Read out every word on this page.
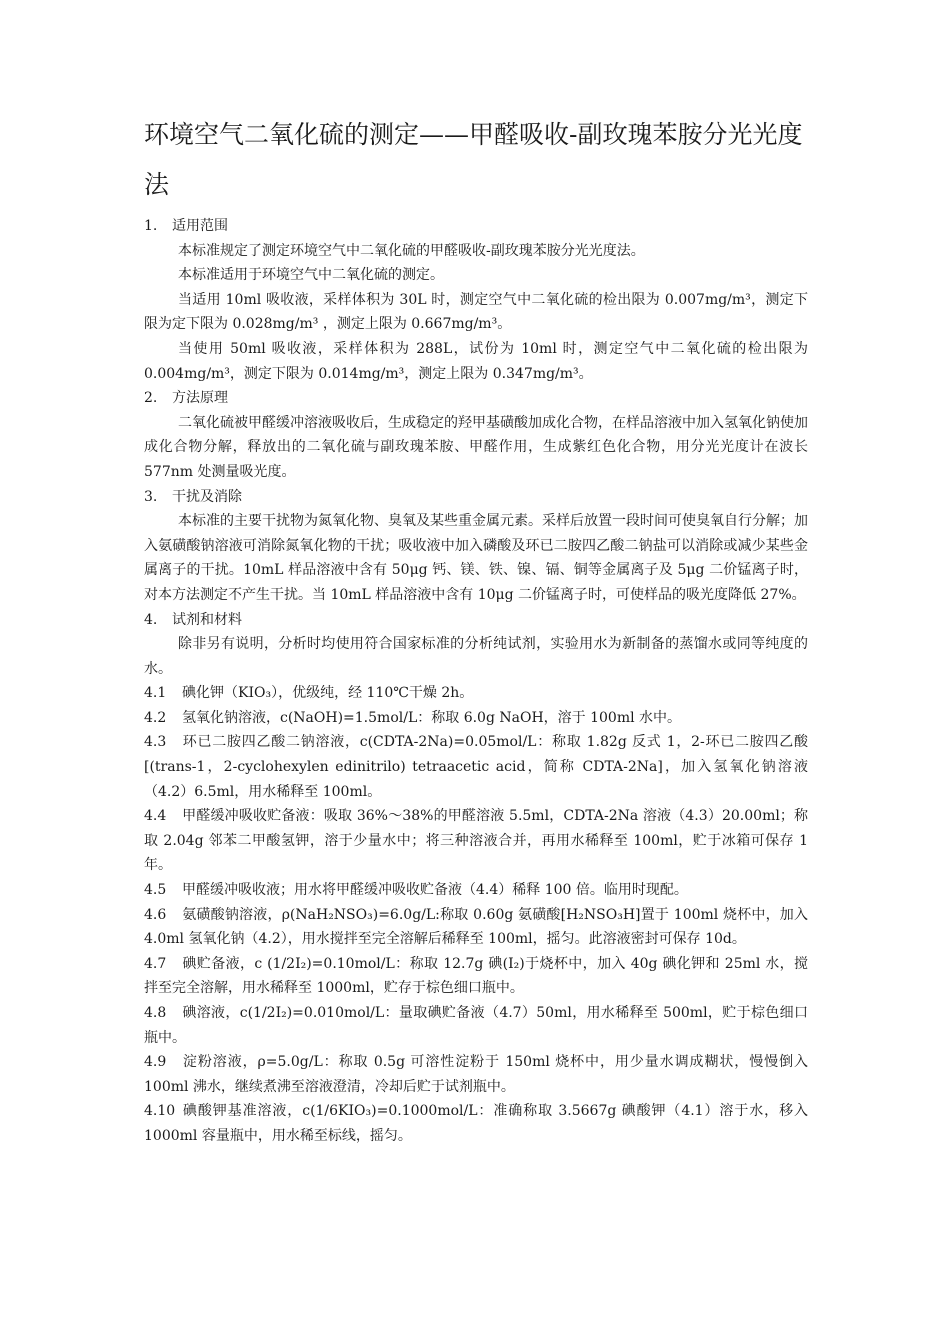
环境空气二氧化硫的测定——甲醛吸收-副玫瑰苯胺分光光度法

1. 适用范围

本标准规定了测定环境空气中二氧化硫的甲醛吸收-副玫瑰苯胺分光光度法。

本标准适用于环境空气中二氧化硫的测定。

当适用 10ml 吸收液，采样体积为 30L 时，测定空气中二氧化硫的检出限为 0.007mg/m³，测定下限为定下限为 0.028mg/m³ ，测定上限为 0.667mg/m³。

当使用 50ml 吸收液，采样体积为 288L，试份为 10ml 时，测定空气中二氧化硫的检出限为 0.004mg/m³，测定下限为 0.014mg/m³，测定上限为 0.347mg/m³。

2. 方法原理

二氧化硫被甲醛缓冲溶液吸收后，生成稳定的羟甲基磺酸加成化合物，在样品溶液中加入氢氧化钠使加成化合物分解，释放出的二氧化硫与副玫瑰苯胺、甲醛作用，生成紫红色化合物，用分光光度计在波长 577nm 处测量吸光度。

3. 干扰及消除

本标准的主要干扰物为氮氧化物、臭氧及某些重金属元素。采样后放置一段时间可使臭氧自行分解；加入氨磺酸钠溶液可消除氮氧化物的干扰；吸收液中加入磷酸及环已二胺四乙酸二钠盐可以消除或减少某些金属离子的干扰。10mL 样品溶液中含有 50μg 钙、镁、铁、镍、镉、铜等金属离子及 5μg 二价锰离子时，对本方法测定不产生干扰。当 10mL 样品溶液中含有 10μg 二价锰离子时，可使样品的吸光度降低 27%。

4. 试剂和材料

除非另有说明，分析时均使用符合国家标准的分析纯试剂，实验用水为新制备的蒸馏水或同等纯度的水。

4.1 碘化钾（KIO₃），优级纯，经 110℃干燥 2h。

4.2 氢氧化钠溶液，c(NaOH)=1.5mol/L：称取 6.0g NaOH，溶于 100ml 水中。

4.3 环已二胺四乙酸二钠溶液，c(CDTA-2Na)=0.05mol/L：称取 1.82g 反式 1，2-环已二胺四乙酸[(trans-1，2-cyclohexylen edinitrilo) tetraacetic acid，简称 CDTA-2Na]，加入氢氧化钠溶液（4.2）6.5ml，用水稀释至 100ml。

4.4 甲醛缓冲吸收贮备液：吸取 36%～38%的甲醛溶液 5.5ml，CDTA-2Na 溶液（4.3）20.00ml；称取 2.04g 邻苯二甲酸氢钾，溶于少量水中；将三种溶液合并，再用水稀释至 100ml，贮于冰箱可保存 1 年。

4.5 甲醛缓冲吸收液；用水将甲醛缓冲吸收贮备液（4.4）稀释 100 倍。临用时现配。

4.6 氨磺酸钠溶液，ρ(NaH₂NSO₃)=6.0g/L:称取 0.60g 氨磺酸[H₂NSO₃H]置于 100ml 烧杯中，加入 4.0ml 氢氧化钠（4.2），用水搅拌至完全溶解后稀释至 100ml，摇匀。此溶液密封可保存 10d。

4.7 碘贮备液，c (1/2I₂)=0.10mol/L：称取 12.7g 碘(I₂)于烧杯中，加入 40g 碘化钾和 25ml 水，搅拌至完全溶解，用水稀释至 1000ml，贮存于棕色细口瓶中。

4.8 碘溶液，c(1/2I₂)=0.010mol/L：量取碘贮备液（4.7）50ml，用水稀释至 500ml，贮于棕色细口瓶中。

4.9 淀粉溶液，ρ=5.0g/L：称取 0.5g 可溶性淀粉于 150ml 烧杯中，用少量水调成糊状，慢慢倒入 100ml 沸水，继续煮沸至溶液澄清，冷却后贮于试剂瓶中。

4.10 碘酸钾基准溶液，c(1/6KIO₃)=0.1000mol/L：准确称取 3.5667g 碘酸钾（4.1）溶于水，移入 1000ml 容量瓶中，用水稀至标线，摇匀。
